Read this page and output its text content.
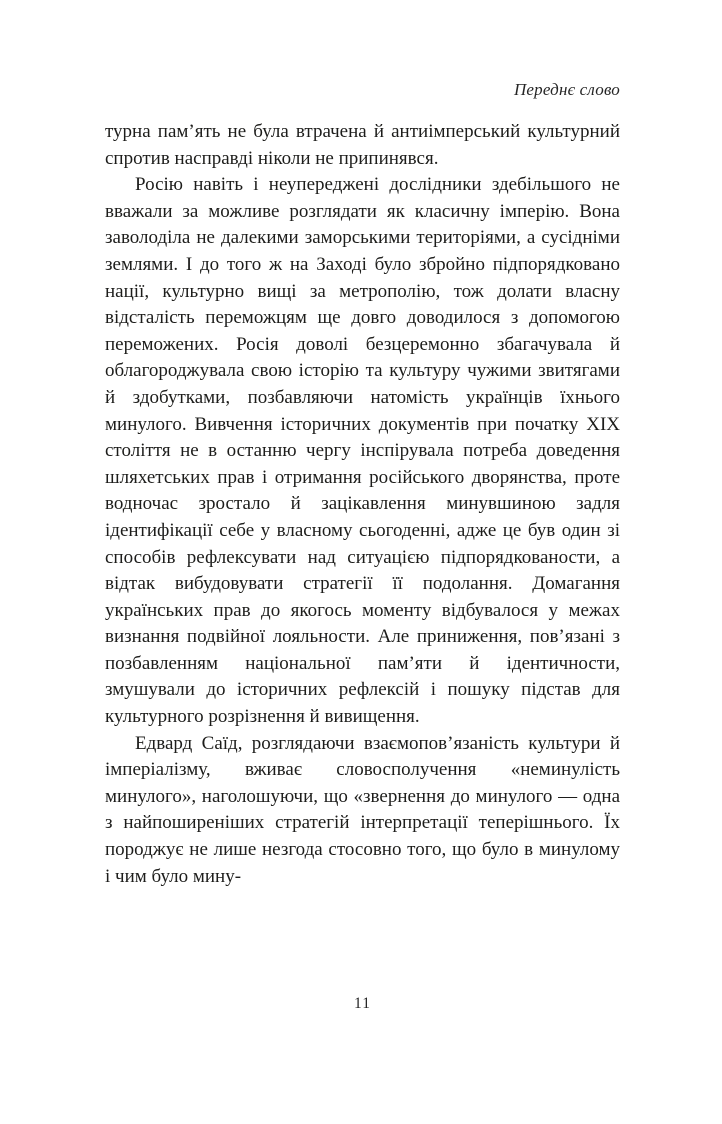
Переднє слово

турна пам’ять не була втрачена й антиімперський культурний спротив насправді ніколи не припинявся.

Росію навіть і неупереджені дослідники здебільшого не вважали за можливе розглядати як класичну імперію. Вона заволоділа не далекими заморськими територіями, а сусідніми землями. І до того ж на Заході було збройно підпорядковано нації, культурно вищі за метрополію, тож долати власну відсталість переможцям ще довго доводилося з допомогою переможених. Росія доволі безцеремонно збагачувала й облагороджувала свою історію та культуру чужими звитягами й здобутками, позбавляючи натомість українців їхнього минулого. Вивчення історичних документів при початку XIX століття не в останню чергу інспірувала потреба доведення шляхетських прав і отримання російського дворянства, проте водночас зростало й зацікавлення минувшиною задля ідентифікації себе у власному сьогоденні, адже це був один зі способів рефлексувати над ситуацією підпорядкованости, а відтак вибудовувати стратегії її подолання. Домагання українських прав до якогось моменту відбувалося у межах визнання подвійної лояльности. Але приниження, пов’язані з позбавленням національної пам’яти й ідентичности, змушували до історичних рефлексій і пошуку підстав для культурного розрізнення й вивищення.

Едвард Саїд, розглядаючи взаємопов’язаність культури й імперіалізму, вживає словосполучення «неминулість минулого», наголошуючи, що «звернення до минулого — одна з найпоширеніших стратегій інтерпретації теперішнього. Їх породжує не лише незгода стосовно того, що було в минулому і чим було мину-

11
